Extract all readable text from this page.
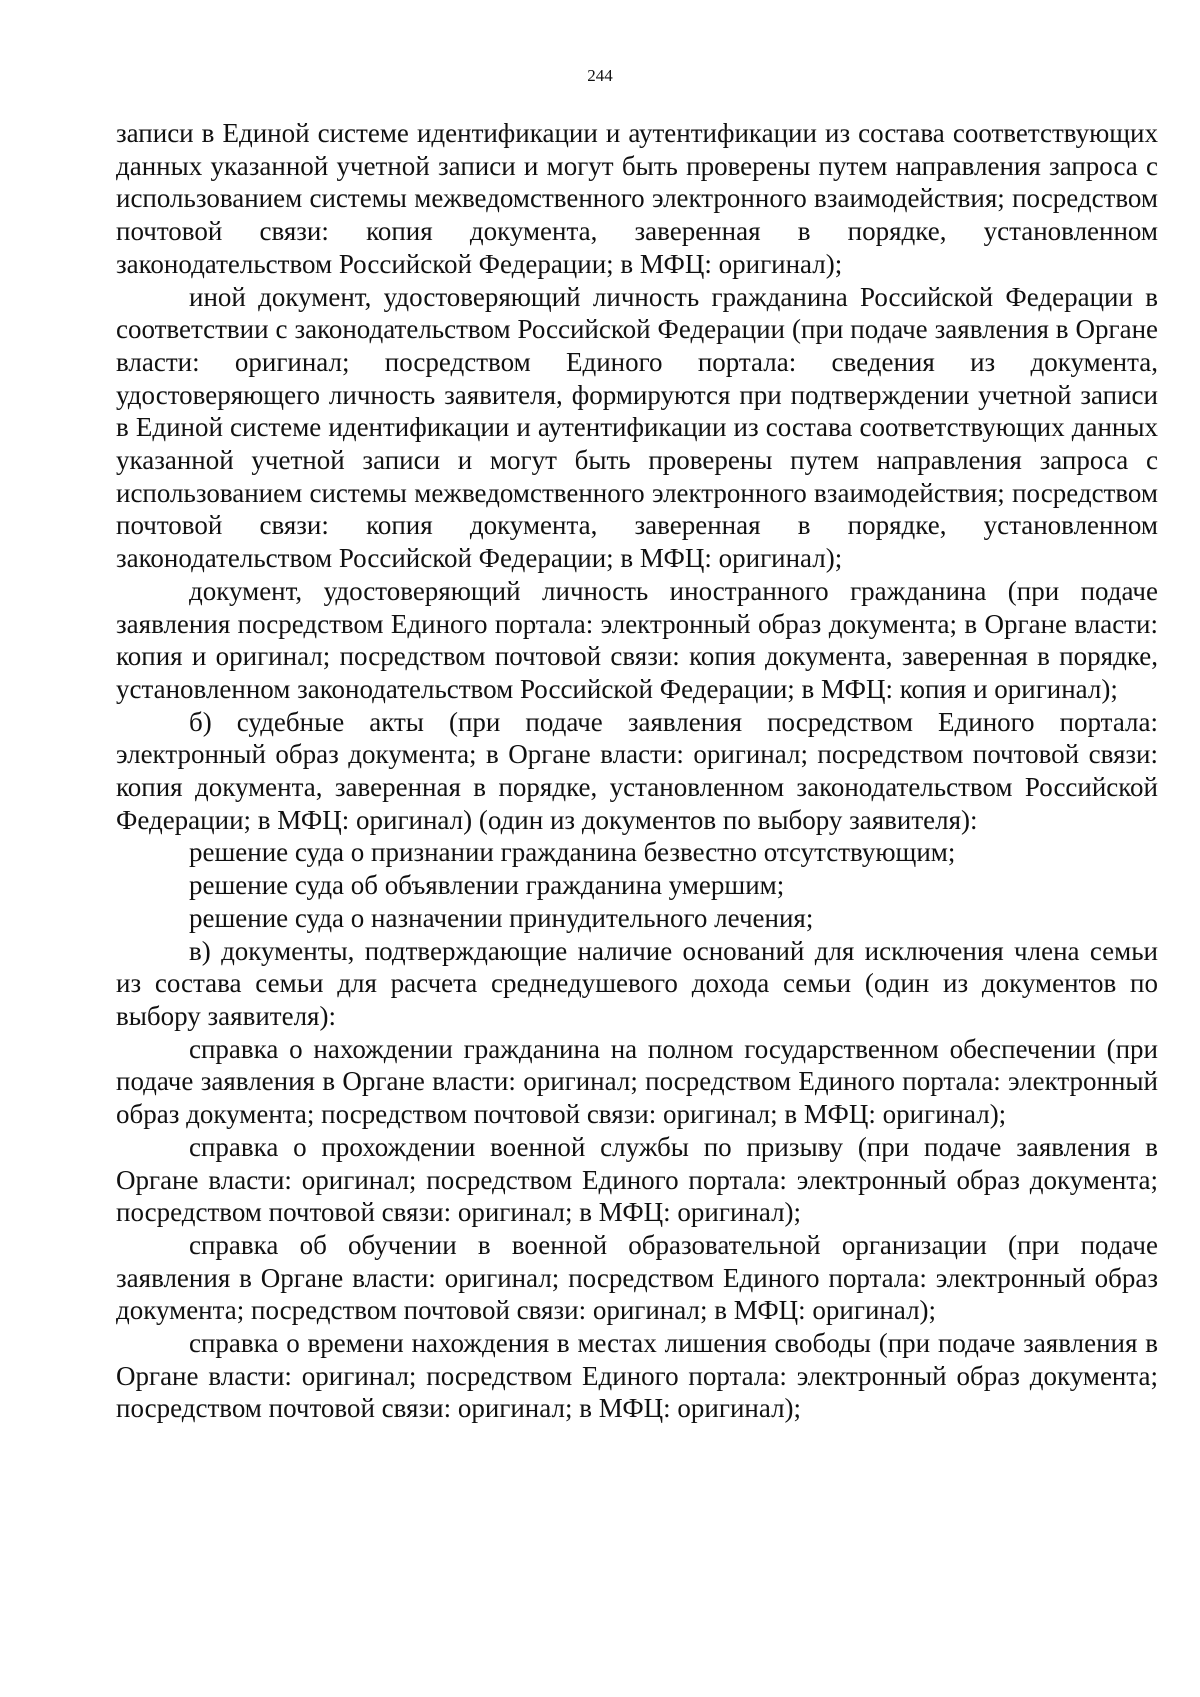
244

записи в Единой системе идентификации и аутентификации из состава соответствующих данных указанной учетной записи и могут быть проверены путем направления запроса с использованием системы межведомственного электронного взаимодействия; посредством почтовой связи: копия документа, заверенная в порядке, установленном законодательством Российской Федерации; в МФЦ: оригинал);

иной документ, удостоверяющий личность гражданина Российской Федерации в соответствии с законодательством Российской Федерации (при подаче заявления в Органе власти: оригинал; посредством Единого портала: сведения из документа, удостоверяющего личность заявителя, формируются при подтверждении учетной записи в Единой системе идентификации и аутентификации из состава соответствующих данных указанной учетной записи и могут быть проверены путем направления запроса с использованием системы межведомственного электронного взаимодействия; посредством почтовой связи: копия документа, заверенная в порядке, установленном законодательством Российской Федерации; в МФЦ: оригинал);

документ, удостоверяющий личность иностранного гражданина (при подаче заявления посредством Единого портала: электронный образ документа; в Органе власти: копия и оригинал; посредством почтовой связи: копия документа, заверенная в порядке, установленном законодательством Российской Федерации; в МФЦ: копия и оригинал);

б) судебные акты (при подаче заявления посредством Единого портала: электронный образ документа; в Органе власти: оригинал; посредством почтовой связи: копия документа, заверенная в порядке, установленном законодательством Российской Федерации; в МФЦ: оригинал) (один из документов по выбору заявителя):

решение суда о признании гражданина безвестно отсутствующим;

решение суда об объявлении гражданина умершим;

решение суда о назначении принудительного лечения;

в) документы, подтверждающие наличие оснований для исключения члена семьи из состава семьи для расчета среднедушевого дохода семьи (один из документов по выбору заявителя):

справка о нахождении гражданина на полном государственном обеспечении (при подаче заявления в Органе власти: оригинал; посредством Единого портала: электронный образ документа; посредством почтовой связи: оригинал; в МФЦ: оригинал);

справка о прохождении военной службы по призыву (при подаче заявления в Органе власти: оригинал; посредством Единого портала: электронный образ документа; посредством почтовой связи: оригинал; в МФЦ: оригинал);

справка об обучении в военной образовательной организации (при подаче заявления в Органе власти: оригинал; посредством Единого портала: электронный образ документа; посредством почтовой связи: оригинал; в МФЦ: оригинал);

справка о времени нахождения в местах лишения свободы (при подаче заявления в Органе власти: оригинал; посредством Единого портала: электронный образ документа; посредством почтовой связи: оригинал; в МФЦ: оригинал);
